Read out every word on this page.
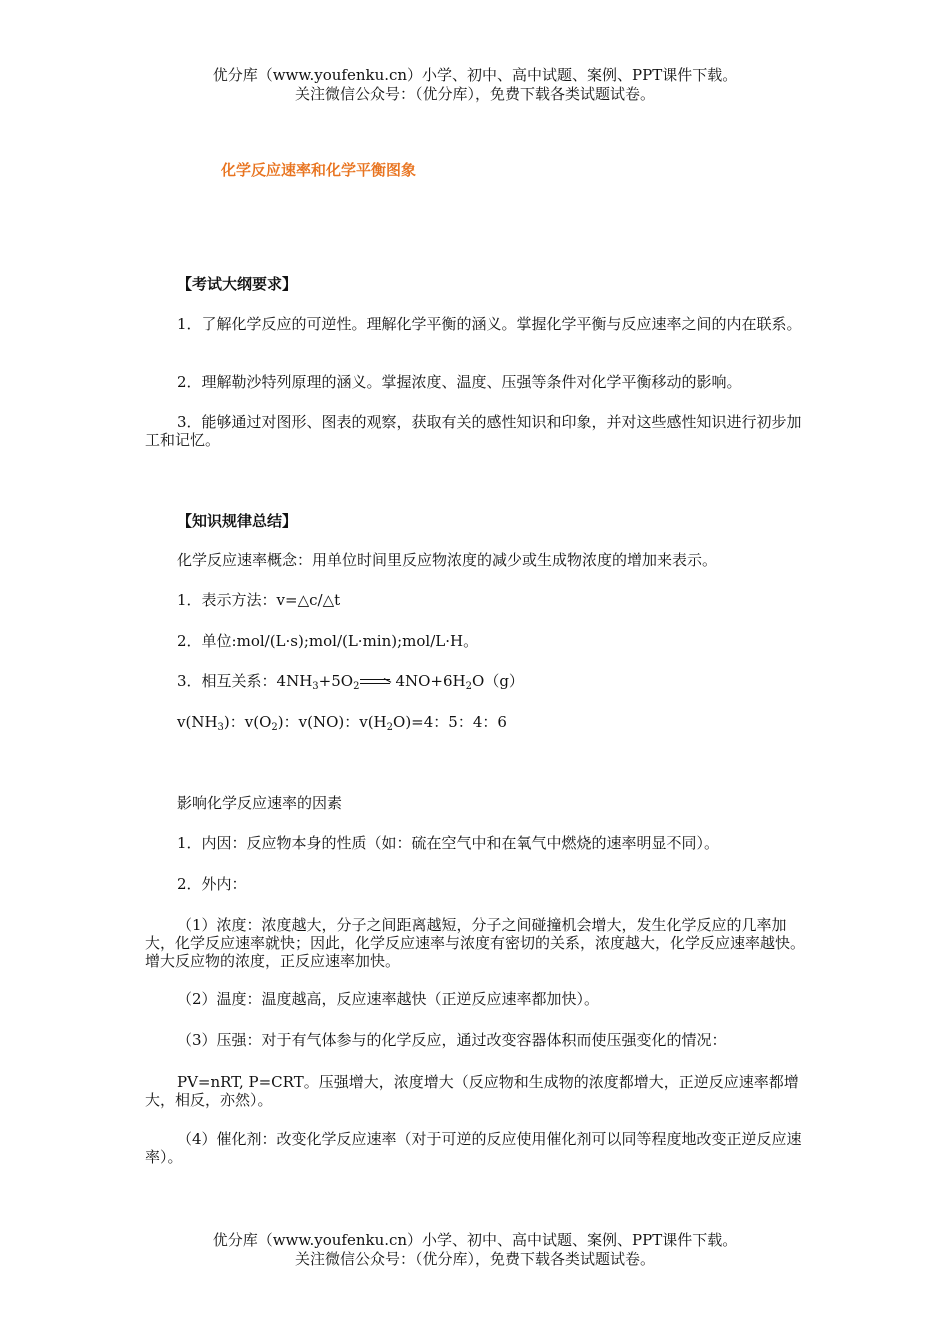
优分库（www.youfenku.cn）小学、初中、高中试题、案例、PPT课件下载。
关注微信公众号：（优分库），免费下载各类试题试卷。
化学反应速率和化学平衡图象
【考试大纲要求】
1．了解化学反应的可逆性。理解化学平衡的涵义。掌握化学平衡与反应速率之间的内在联系。
2．理解勒沙特列原理的涵义。掌握浓度、温度、压强等条件对化学平衡移动的影响。
3．能够通过对图形、图表的观察，获取有关的感性知识和印象，并对这些感性知识进行初步加工和记忆。
【知识规律总结】
化学反应速率概念：用单位时间里反应物浓度的减少或生成物浓度的增加来表示。
1．表示方法：v=△c/△t
2．单位:mol/(L·s);mol/(L·min);mol/L·H。
3．相互关系：$4NH_3+5O_2$ $4NO+6H_2O(g)$
$v(NH_3)$：$v(O_2)$：v(NO)：$v(H_2O)=4$：5：4：6
影响化学反应速率的因素
1．内因：反应物本身的性质（如：硫在空气中和在氧气中燃烧的速率明显不同）。
2．外内：
（1）浓度：浓度越大，分子之间距离越短，分子之间碰撞机会增大，发生化学反应的几率加大，化学反应速率就快；因此，化学反应速率与浓度有密切的关系，浓度越大，化学反应速率越快。增大反应物的浓度，正反应速率加快。
（2）温度：温度越高，反应速率越快（正逆反应速率都加快）。
（3）压强：对于有气体参与的化学反应，通过改变容器体积而使压强变化的情况：
PV=nRT, P=CRT。压强增大，浓度增大（反应物和生成物的浓度都增大，正逆反应速率都增大，相反，亦然）。
（4）催化剂：改变化学反应速率（对于可逆的反应使用催化剂可以同等程度地改变正逆反应速率）。
优分库（www.youfenku.cn）小学、初中、高中试题、案例、PPT课件下载。
关注微信公众号：（优分库），免费下载各类试题试卷。
